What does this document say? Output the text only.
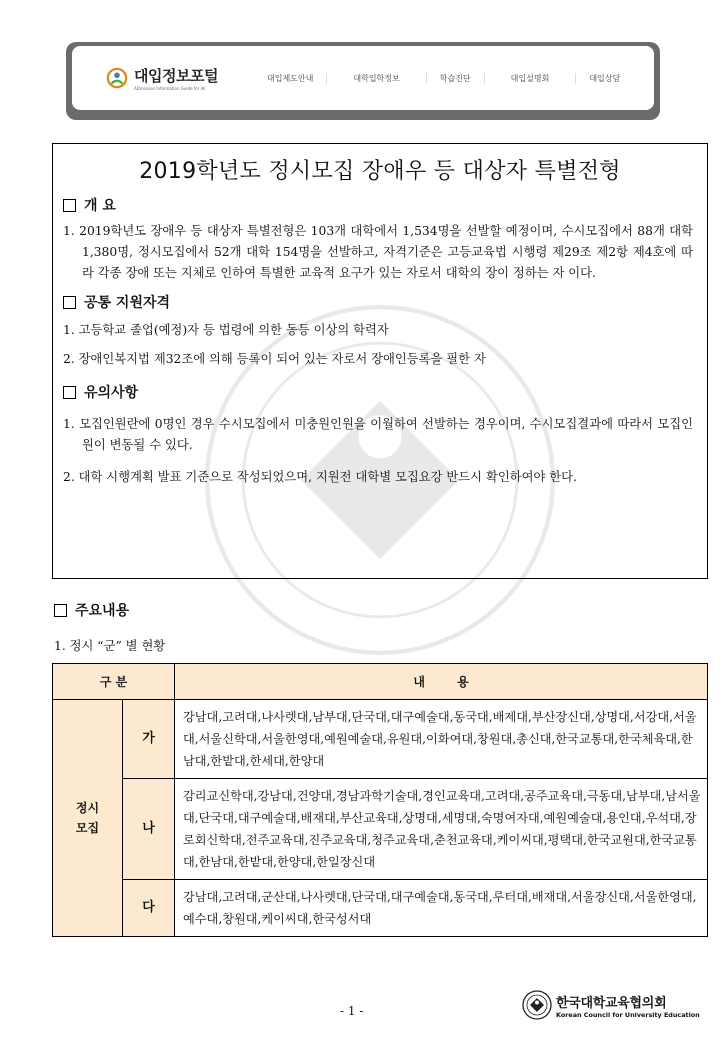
대입정보포털
ADmission Information Guide for All
대입제도안내	대학입학정보	학습진단	대입설명회	대입상담
2019학년도 정시모집 장애우 등 대상자 특별전형
개 요

1. 2019학년도 장애우 등 대상자 특별전형은 103개 대학에서 1,534명을 선발할 예정이며, 수시모집에서 88개 대학 1,380명, 정시모집에서 52개 대학 154명을 선발하고, 자격기준은 고등교육법 시행령 제29조 제2항 제4호에 따라 각종 장애 또는 지체로 인하여 특별한 교육적 요구가 있는 자로서 대학의 장이 정하는 자 이다.

공통 지원자격

1. 고등학교 졸업(예정)자 등 법령에 의한 동등 이상의 학력자

2. 장애인복지법 제32조에 의해 등록이 되어 있는 자로서 장애인등록을 필한 자

유의사항

1. 모집인원란에 0명인 경우 수시모집에서 미충원인원을 이월하여 선발하는 경우이며, 수시모집결과에 따라서 모집인원이 변동될 수 있다.

2. 대학 시행계획 발표 기준으로 작성되었으며, 지원전 대학별 모집요강 반드시 확인하여야 한다.

주요내용
1. 정시 “군” 별 현황
구 분		내 용
정시
모집	가	강남대,고려대,나사렛대,남부대,단국대,대구예술대,동국대,배제대,부산장신대,상명대,서강대,서울대,서울신학대,서울한영대,예원예술대,유원대,이화여대,창원대,총신대,한국교통대,한국체육대,한남대,한밭대,한세대,한양대
	나	감리교신학대,강남대,건양대,경남과학기술대,경인교육대,고려대,공주교육대,극동대,남부대,남서울대,단국대,대구예술대,배재대,부산교육대,상명대,세명대,숙명여자대,예원예술대,용인대,우석대,장로회신학대,전주교육대,진주교육대,청주교육대,춘천교육대,케이씨대,평택대,한국교원대,한국교통대,한남대,한밭대,한양대,한일장신대
	다	강남대,고려대,군산대,나사렛대,단국대,대구예술대,동국대,루터대,배재대,서울장신대,서울한영대,예수대,창원대,케이씨대,한국성서대
- 1 -
한국대학교육협의회
Korean Council for University Education
